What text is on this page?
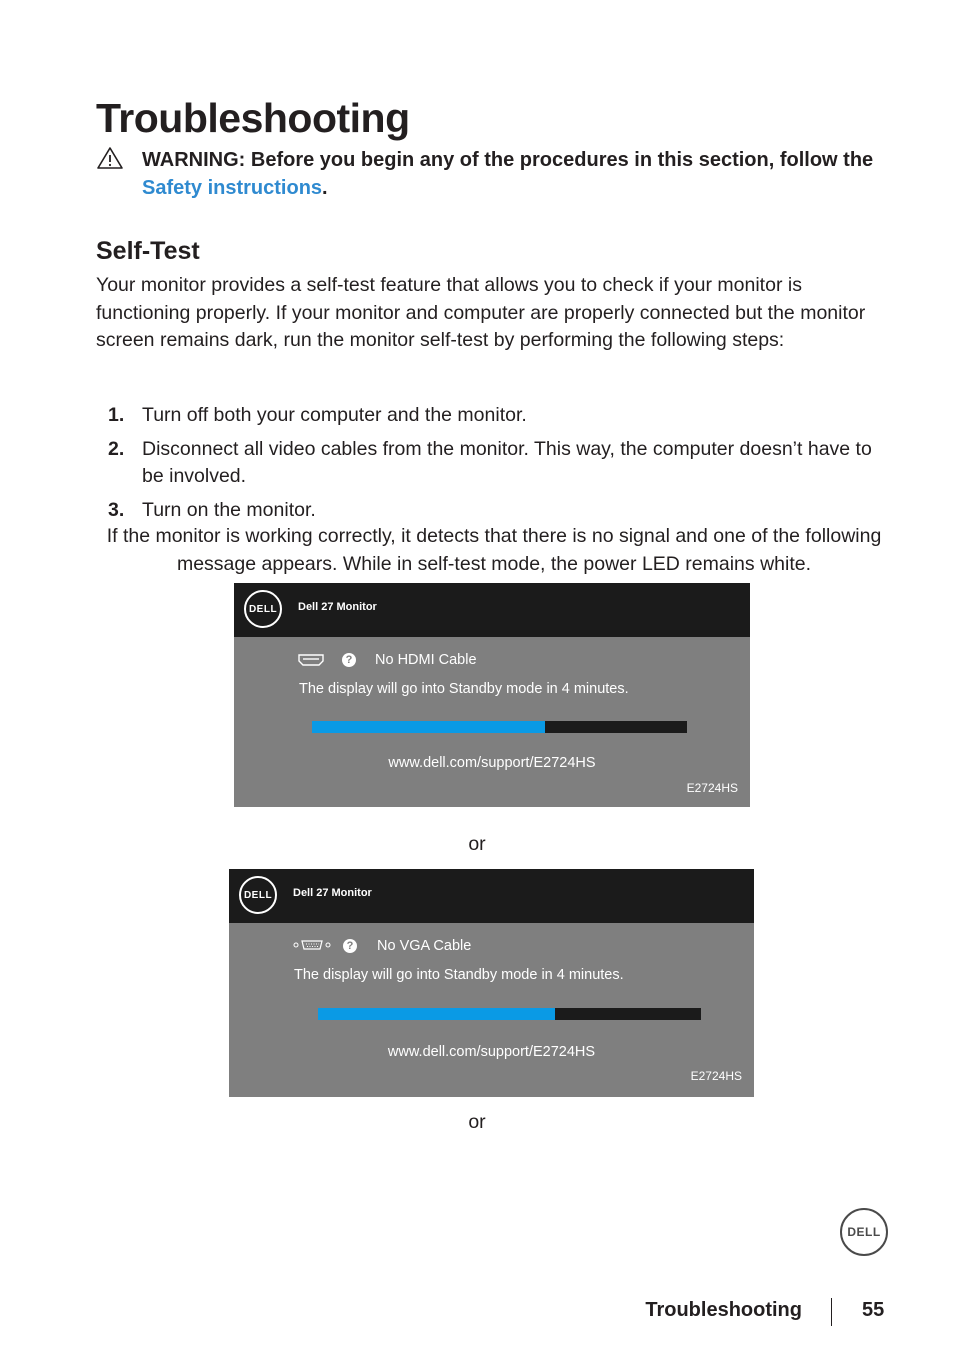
Troubleshooting
WARNING: Before you begin any of the procedures in this section, follow the Safety instructions.
Self-Test

Your monitor provides a self-test feature that allows you to check if your monitor is functioning properly. If your monitor and computer are properly connected but the monitor screen remains dark, run the monitor self-test by performing the following steps:

1. Turn off both your computer and the monitor.
2. Disconnect all video cables from the monitor. This way, the computer doesn’t have to be involved.
3. Turn on the monitor.

If the monitor is working correctly, it detects that there is no signal and one of the following message appears. While in self-test mode, the power LED remains white.

DELL	Dell 27 Monitor
? No HDMI Cable
The display will go into Standby mode in 4 minutes.
www.dell.com/support/E2724HS
E2724HS
or
DELL	Dell 27 Monitor
? No VGA Cable
The display will go into Standby mode in 4 minutes.
www.dell.com/support/E2724HS
E2724HS
or
DELL
Troubleshooting	55
